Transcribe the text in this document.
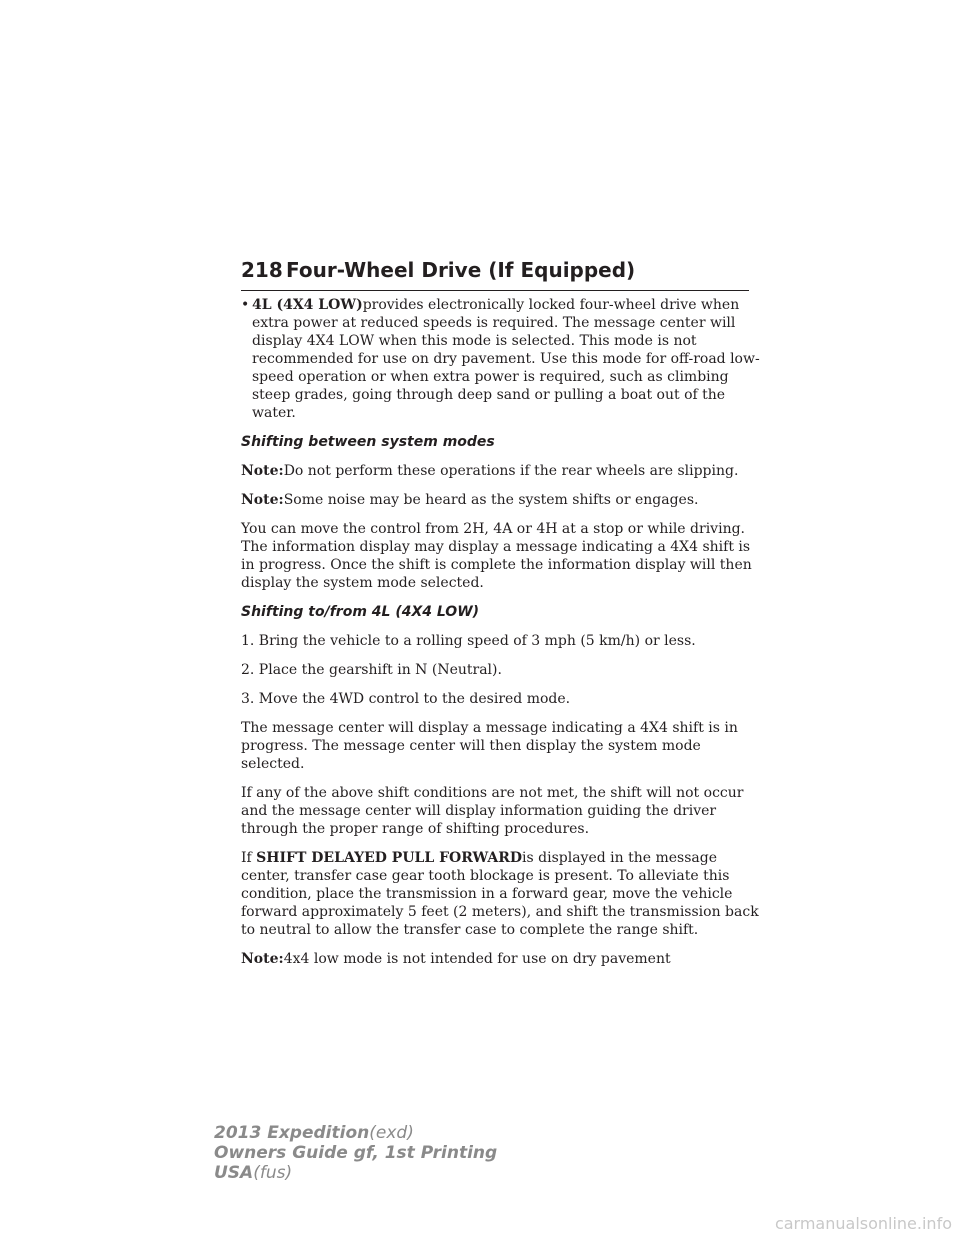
218 Four-Wheel Drive (If Equipped)
• 4L (4X4 LOW)provides electronically locked four-wheel drive when extra power at reduced speeds is required. The message center will display 4X4 LOW when this mode is selected. This mode is not recommended for use on dry pavement. Use this mode for off-road low-speed operation or when extra power is required, such as climbing steep grades, going through deep sand or pulling a boat out of the water.
Shifting between system modes

Note:Do not perform these operations if the rear wheels are slipping.

Note:Some noise may be heard as the system shifts or engages.

You can move the control from 2H, 4A or 4H at a stop or while driving. The information display may display a message indicating a 4X4 shift is in progress. Once the shift is complete the information display will then display the system mode selected.

Shifting to/from 4L (4X4 LOW)

1. Bring the vehicle to a rolling speed of 3 mph (5 km/h) or less.

2. Place the gearshift in N (Neutral).

3. Move the 4WD control to the desired mode.

The message center will display a message indicating a 4X4 shift is in progress. The message center will then display the system mode selected.

If any of the above shift conditions are not met, the shift will not occur and the message center will display information guiding the driver through the proper range of shifting procedures.

If SHIFT DELAYED PULL FORWARDis displayed in the message center, transfer case gear tooth blockage is present. To alleviate this condition, place the transmission in a forward gear, move the vehicle forward approximately 5 feet (2 meters), and shift the transmission back to neutral to allow the transfer case to complete the range shift.

Note:4x4 low mode is not intended for use on dry pavement

2013 Expedition(exd)
Owners Guide gf, 1st Printing
USA(fus)
carmanualsonline.info
